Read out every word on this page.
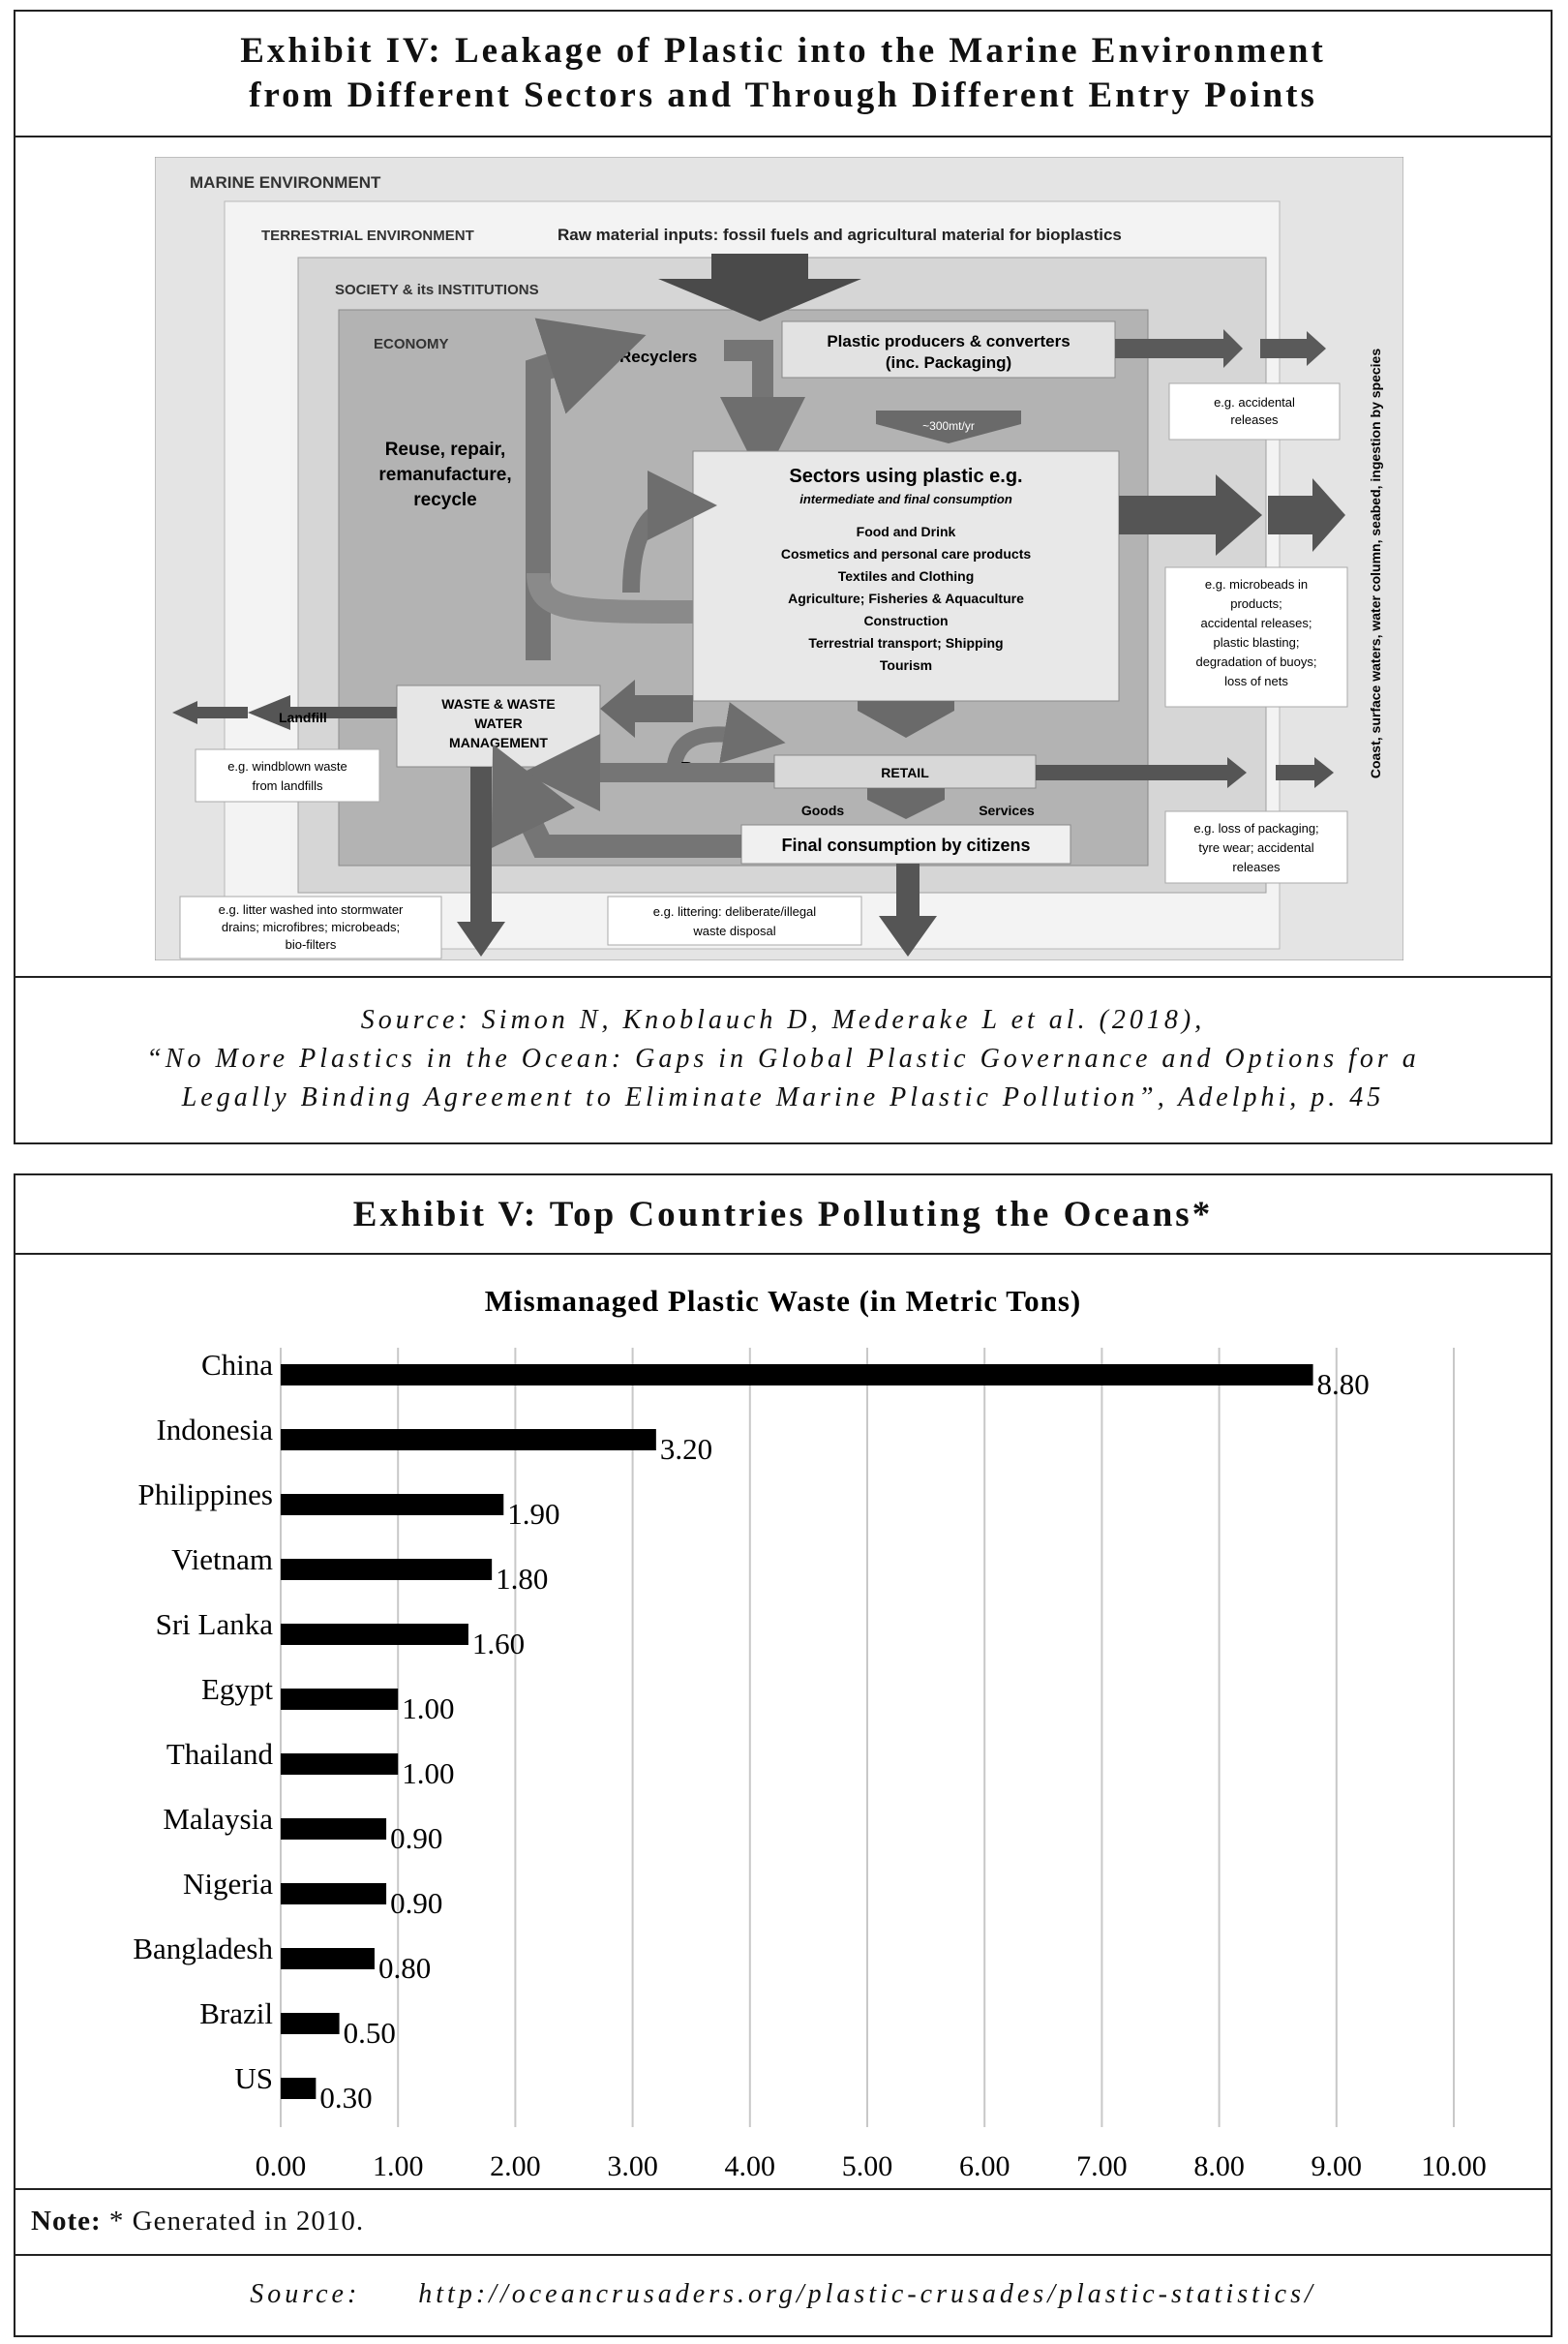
Exhibit IV: Leakage of Plastic into the Marine Environment
from Different Sectors and Through Different Entry Points
MARINE ENVIRONMENT
TERRESTRIAL ENVIRONMENT	Raw material inputs: fossil fuels and agricultural material for bioplastics
SOCIETY & its INSTITUTIONS
ECONOMY	Plastic producers & converters
(inc. Packaging)
e.g. accidental
releases
~300mt/yr
Recyclers
Reuse, repair,
remanufacture,
recycle
Sectors using plastic e.g.
intermediate and final consumption
Food and Drink
Cosmetics and personal care products
Textiles and Clothing
Agriculture; Fisheries & Aquaculture
Construction
Terrestrial transport; Shipping
Tourism
e.g. microbeads in
products;
accidental releases;
plastic blasting;
degradation of buoys;
loss of nets
WASTE & WASTE
WATER
MANAGEMENT
Landfill
e.g. windblown waste
from landfills
Reuse	RETAIL
e.g. loss of packaging;
tyre wear; accidental
releases
Goods	Services
Final consumption by citizens
e.g. litter washed into stormwater
drains; microfibres; microbeads;
bio-filters
e.g. littering: deliberate/illegal
waste disposal
Coast, surface waters, water column, seabed, ingestion by species
Source: Simon N, Knoblauch D, Mederake L et al. (2018),
“No More Plastics in the Ocean: Gaps in Global Plastic Governance and Options for a
Legally Binding Agreement to Eliminate Marine Plastic Pollution”, Adelphi, p. 45
Exhibit V: Top Countries Polluting the Oceans*
Mismanaged Plastic Waste (in Metric Tons)
0.00 1.00 2.00 3.00 4.00 5.00 6.00 7.00 8.00 9.00 10.00
China
8.80
Indonesia
3.20
Philippines
1.90
Vietnam
1.80
Sri Lanka
1.60
Egypt
1.00
Thailand
1.00
Malaysia
0.90
Nigeria
0.90
Bangladesh
0.80
Brazil
0.50
US
0.30
Note: * Generated in 2010.
Source: http://oceancrusaders.org/plastic-crusades/plastic-statistics/
